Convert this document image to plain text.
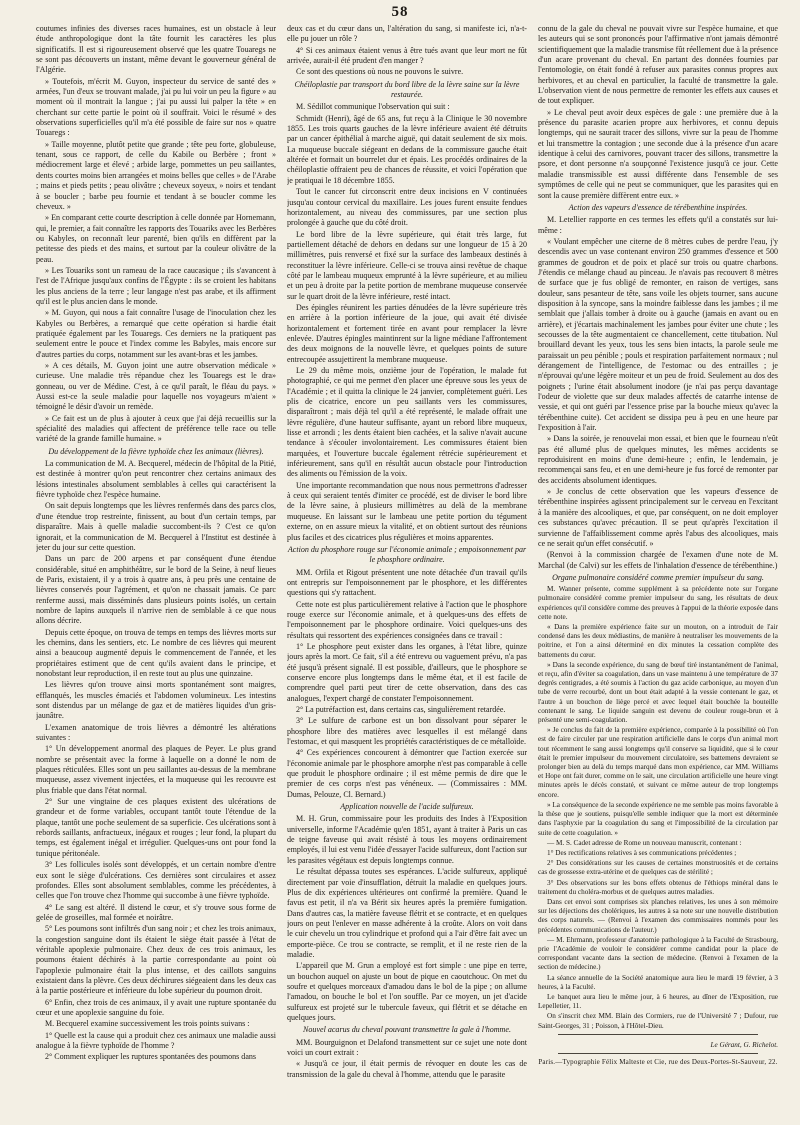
58

coutumes infinies des diverses races humaines, est un obstacle à leur étude anthropologique dont la tâte fournit les caractères les plus significatifs. Il est si rigoureusement observé que les quatre Touaregs ne se sont pas découverts un instant, même devant le gouverneur général de l'Algérie.

» Toutefois, m'écrit M. Guyon, inspecteur du service de santé des » armées, l'un d'eux se trouvant malade, j'ai pu lui voir un peu la figure » au moment où il montrait la langue ; j'ai pu aussi lui palper la tête » en cherchant sur cette partie le point où il souffrait. Voici le résumé » des observations superficielles qu'il m'a été possible de faire sur nos » quatre Touaregs :

» Taille moyenne, plutôt petite que grande ; tête peu forte, globuleuse, tenant, sous ce rapport, de celle du Kabile ou Berbère ; front » médiocrement large et élevé ; arbide large, pommettes un peu saillantes, dents courtes moins bien arrangées et moins belles que celles » de l'Arabe ; mains et pieds petits ; peau olivâtre ; cheveux soyeux, » noirs et tendant à se boucler ; barbe peu fournie et tendant à se boucler comme les cheveux. »

» En comparant cette courte description à celle donnée par Hornemann, qui, le premier, a fait connaître les rapports des Touariks avec les Berbères ou Kabyles, on reconnaît leur parenté, bien qu'ils en diffèrent par la petitesse des pieds et des mains, et surtout par la couleur olivâtre de la peau.

» Les Touariks sont un rameau de la race caucasique ; ils s'avancent à l'est de l'Afrique jusqu'aux confins de l'Égypte : ils se croient les habitans les plus anciens de la terre ; leur langage n'est pas arabe, et ils affirment qu'il est le plus ancien dans le monde.

» M. Guyon, qui nous a fait connaître l'usage de l'inoculation chez les Kabyles ou Berbères, a remarqué que cette opération si hardie était pratiquée également par les Touaregs. Ces derniers ne la pratiquent pas seulement entre le pouce et l'index comme les Babyles, mais encore sur d'autres parties du corps, notamment sur les avant-bras et les jambes.

» A ces détails, M. Guyon joint une autre observation médicale » curieuse. Une maladie très répandue chez les Touaregs est le dra» gonneau, ou ver de Médine. C'est, à ce qu'il paraît, le fléau du pays. » Aussi est-ce la seule maladie pour laquelle nos voyageurs m'aient » témoigné le désir d'avoir un remède.

» Ce fait est un de plus à ajouter à ceux que j'ai déjà recueillis sur la spécialité des maladies qui affectent de préférence telle race ou telle variété de la grande famille humaine. »

Du développement de la fièvre typhoïde chez les animaux (lièvres).

La communication de M. A. Becquerel, médecin de l'hôpital de la Pitié, est destinée à montrer qu'on peut rencontrer chez certains animaux des lésions intestinales absolument semblables à celles qui caractérisent la fièvre typhoïde chez l'espèce humaine.

On sait depuis longtemps que les lièvres renfermés dans des parcs clos, d'une étendue trop restreinte, finissent, au bout d'un certain temps, par disparaître. Mais à quelle maladie succombent-ils ? C'est ce qu'on ignorait, et la communication de M. Becquerel à l'Institut est destinée à jeter du jour sur cette question.

Dans un parc de 200 arpens et par conséquent d'une étendue considérable, situé en amphithéâtre, sur le bord de la Seine, à neuf lieues de Paris, existaient, il y a trois à quatre ans, à peu près une centaine de lièvres conservés pour l'agrément, et qu'on ne chassait jamais. Ce parc renferme aussi, mais disséminés dans plusieurs points isolés, un certain nombre de lapins auxquels il n'arrive rien de semblable à ce que nous allons décrire.

Depuis cette époque, on trouva de temps en temps des lièvres morts sur les chemins, dans les sentiers, etc. Le nombre de ces lièvres qui meurent ainsi a beaucoup augmenté depuis le commencement de l'année, et les propriétaires estiment que de cent qu'ils avaient dans le principe, et nonobstant leur reproduction, il en reste tout au plus une quinzaine.

Les lièvres qu'on trouve ainsi morts spontanément sont maigres, efflanqués, les muscles émaciés et l'abdomen volumineux. Les intestins sont distendus par un mélange de gaz et de matières liquides d'un gris-jaunâtre.

L'examen anatomique de trois lièvres a démontré les altérations suivantes :

1° Un développement anormal des plaques de Peyer. Le plus grand nombre se présentait avec la forme à laquelle on a donné le nom de plaques réticulées. Elles sont un peu saillantes au-dessus de la membrane muqueuse, assez vivement injectées, et la muqueuse qui les recouvre est plus friable que dans l'état normal.

2° Sur une vingtaine de ces plaques existent des ulcérations de grandeur et de forme variables, occupant tantôt toute l'étendue de la plaque, tantôt une poche seulement de sa superficie. Ces ulcérations sont à rebords saillants, anfractueux, inégaux et rouges ; leur fond, la plupart du temps, est également inégal et irrégulier. Quelques-uns ont pour fond la tunique péritonéale.

3° Les follicules isolés sont développés, et un certain nombre d'entre eux sont le siège d'ulcérations. Ces dernières sont circulaires et assez profondes. Elles sont absolument semblables, comme les précédentes, à celles que l'on trouve chez l'homme qui succombe à une fièvre typhoïde.

4° Le sang est altéré. Il distend le cœur, et s'y trouve sous forme de gelée de groseilles, mal formée et noirâtre.

5° Les poumons sont infiltrés d'un sang noir ; et chez les trois animaux, la congestion sanguine dont ils étaient le siège était passée à l'état de véritable apoplexie pulmonaire. Chez deux de ces trois animaux, les poumons étaient déchirés à la partie correspondante au point où l'apoplexie pulmonaire était la plus intense, et des caillots sanguins existaient dans la plèvre. Ces deux déchirures siégeaient dans les deux cas à la partie postérieure et inférieure du lobe supérieur du poumon droit.

6° Enfin, chez trois de ces animaux, il y avait une rupture spontanée du cœur et une apoplexie sanguine du foie.

M. Becquerel examine successivement les trois points suivans :

1° Quelle est la cause qui a produit chez ces animaux une maladie aussi analogue à la fièvre typhoïde de l'homme ?

2° Comment expliquer les ruptures spontanées des poumons dans

deux cas et du cœur dans un, l'altération du sang, si manifeste ici, n'a-t-elle pu jouer un rôle ?

4° Si ces animaux étaient venus à être tués avant que leur mort ne fût arrivée, aurait-il été prudent d'en manger ?

Ce sont des questions où nous ne pouvons le suivre.

Chéiloplastie par transport du bord libre de la lèvre saine sur la lèvre restaurée.

M. Sédillot communique l'observation qui suit :

Schmidt (Henri), âgé de 65 ans, fut reçu à la Clinique le 30 novembre 1855. Les trois quarts gauches de la lèvre inférieure avaient été détruits par un cancer épithélial à marche aiguë, qui datait seulement de six mois. La muqueuse buccale siégeant en dedans de la commissure gauche était altérée et formait un bourrelet dur et épais. Les procédés ordinaires de la chéiloplastie offraient peu de chances de réussite, et voici l'opération que je pratiquai le 18 décembre 1855.

Tout le cancer fut circonscrit entre deux incisions en V continuées jusqu'au contour cervical du maxillaire. Les joues furent ensuite fendues horizontalement, au niveau des commissures, par une section plus prolongée à gauche que du côté droit.

Le bord libre de la lèvre supérieure, qui était très large, fut partiellement détaché de dehors en dedans sur une longueur de 15 à 20 millimètres, puis renversé et fixé sur la surface des lambeaux destinés à reconstituer la lèvre inférieure. Celle-ci se trouva ainsi revêtue de chaque côté par le lambeau muqueux emprunté à la lèvre supérieure, et au milieu et un peu à droite par la petite portion de membrane muqueuse conservée sur le quart droit de la lèvre inférieure, resté intact.

Des épingles réunirent les parties dénudées de la lèvre supérieure très en arrière à la portion inférieure de la joue, qui avait été divisée horizontalement et fortement tirée en avant pour remplacer la lèvre enlevée. D'autres épingles maintinrent sur la ligne médiane l'affrontement des deux moignons de la nouvelle lèvre, et quelques points de suture entrecoupée assujettirent la membrane muqueuse.

Le 29 du même mois, onzième jour de l'opération, le malade fut photographié, ce qui me permet d'en placer une épreuve sous les yeux de l'Académie ; et il quitta la clinique le 24 janvier, complètement guéri. Les plis de cicatrice, encore un peu saillants vers les commissures, disparaîtront ; mais déjà tel qu'il a été représenté, le malade offrait une lèvre régulière, d'une hauteur suffisante, ayant un rebord libre muqueux, lisse et arrondi ; les dents étaient bien cachées, et la salive n'avait aucune tendance à s'écouler involontairement. Les commissures étaient bien marquées, et l'ouverture buccale également rétrécie supérieurement et inférieurement, sans qu'il en résultât aucun obstacle pour l'introduction des aliments ou l'émission de la voix.

Une importante recommandation que nous nous permettrons d'adresser à ceux qui seraient tentés d'imiter ce procédé, est de diviser le bord libre de la lèvre saine, à plusieurs millimètres au delà de la membrane muqueuse. En laissant sur le lambeau une petite portion du tégument externe, on en assure mieux la vitalité, et on obtient surtout des réunions plus faciles et des cicatrices plus régulières et moins apparentes.

Action du phosphore rouge sur l'économie animale ; empoisonnement par le phosphore ordinaire.

MM. Orfila et Rigout présentent une note détachée d'un travail qu'ils ont entrepris sur l'empoisonnement par le phosphore, et les différentes questions qui s'y rattachent.

Cette note est plus particulièrement relative à l'action que le phosphore rouge exerce sur l'économie animale, et à quelques-uns des effets de l'empoisonnement par le phosphore ordinaire. Voici quelques-uns des résultats qui ressortent des expériences consignées dans ce travail :

1° Le phosphore peut exister dans les organes, à l'état libre, quinze jours après la mort. Ce fait, s'il a été entrevu ou vaguement prévu, n'a pas été jusqu'à présent signalé. Il est possible, d'ailleurs, que le phosphore se conserve encore plus longtemps dans le même état, et il est facile de comprendre quel parti peut tirer de cette observation, dans des cas analogues, l'expert chargé de constater l'empoisonnement.

2° La putréfaction est, dans certains cas, singulièrement retardée.

3° Le sulfure de carbone est un bon dissolvant pour séparer le phosphore libre des matières avec lesquelles il est mélangé dans l'estomac, et qui masquent les propriétés caractéristiques de ce métalloïde.

4° Ces expériences concourent à démontrer que l'action exercée sur l'économie animale par le phosphore amorphe n'est pas comparable à celle que produit le phosphore ordinaire ; il est même permis de dire que le premier de ces corps n'est pas vénéneux. — (Commissaires : MM. Dumas, Pelouze, Cl. Bernard.)

Application nouvelle de l'acide sulfureux.

M. H. Grun, commissaire pour les produits des Indes à l'Exposition universelle, informe l'Académie qu'en 1851, ayant à traiter à Paris un cas de teigne faveuse qui avait résisté à tous les moyens ordinairement employés, il lui est venu l'idée d'essayer l'acide sulfureux, dont l'action sur les parasites végétaux est depuis longtemps connue.

Le résultat dépassa toutes ses espérances. L'acide sulfureux, appliqué directement par voie d'insufflation, détruit la maladie en quelques jours. Plus de dix expériences ultérieures ont confirmé la première. Quand le favus est petit, il n'a va Bérit six heures après la première fumigation. Dans d'autres cas, la matière faveuse flétrit et se contracte, et en quelques jours on peut l'enlever en masse adhérente à la croûte. Alors on voit dans le cuir chevelu un trou cylindrique et profond qui a l'air d'être fait avec un emporte-pièce. Ce trou se contracte, se remplit, et il ne reste rien de la maladie.

L'appareil que M. Grun a employé est fort simple : une pipe en terre, un bouchon auquel on ajuste un bout de pique en caoutchouc. On met du soufre et quelques morceaux d'amadou dans le bol de la pipe ; on allume l'amadou, on bouche le bol et l'on souffle. Par ce moyen, un jet d'acide sulfureux est projeté sur le tubercule faveux, qui flétrit et se détache en quelques jours.

Nouvel acarus du cheval pouvant transmettre la gale à l'homme.

MM. Bourguignon et Delafond transmettent sur ce sujet une note dont voici un court extrait :

« Jusqu'à ce jour, il était permis de révoquer en doute les cas de transmission de la gale du cheval à l'homme, attendu que le parasite

connu de la gale du cheval ne pouvait vivre sur l'espèce humaine, et que les auteurs qui se sont prononcés pour l'affirmative n'ont jamais démontré scientifiquement que la maladie transmise fût réellement due à la présence d'un acare provenant du cheval. En partant des données fournies par l'entomologie, on était fondé à refuser aux parasites connus propres aux herbivores, et au cheval en particulier, la faculté de transmettre la gale. L'observation vient de nous permettre de remonter les effets aux causes et de tout expliquer.

» Le cheval peut avoir deux espèces de gale : une première due à la présence du parasite acarien propre aux herbivores, et connu depuis longtemps, qui ne saurait tracer des sillons, vivre sur la peau de l'homme et lui transmettre la contagion ; une seconde due à la présence d'un acare identique à celui des carnivores, pouvant tracer des sillons, transmettre la psore, et dont personne n'a soupçonné l'existence jusqu'à ce jour. Cette maladie transmissible est aussi différente dans l'ensemble de ses symptômes de celle qui ne peut se communiquer, que les parasites qui en sont la cause première diffèrent entre eux. »

Action des vapeurs d'essence de térébenthine inspirées.

M. Letellier rapporte en ces termes les effets qu'il a constatés sur lui-même :

« Voulant empêcher une citerne de 8 mètres cubes de perdre l'eau, j'y descendis avec un vase contenant environ 250 grammes d'essence et 500 grammes de goudron et de poix et placé sur trois ou quatre charbons. J'étendis ce mélange chaud au pinceau. Je n'avais pas recouvert 8 mètres de surface que je fus obligé de remonter, en raison de vertiges, sans douleur, sans pesanteur de tête, sans voile les objets tourner, sans aucune disposition à la syncope, sans la moindre faiblesse dans les jambes ; il me semblait que j'allais tomber à droite ou à gauche (jamais en avant ou en arrière), et j'écartais machinalement les jambes pour éviter une chute ; les secousses de la tête augmentaient ce chancellement, cette titubation. Nul brouillard devant les yeux, tous les sens bien intacts, la parole seule me paraissait un peu pénible ; pouls et respiration parfaitement normaux ; nul dérangement de l'intelligence, de l'estomac ou des entrailles ; je n'éprouvai qu'une légère moiteur et un peu de froid. Seulement au dos des poignets ; l'urine était absolument inodore (je n'ai pas perçu davantage l'odeur de violette que sur deux malades affectés de catarrhe intense de vessie, et qui ont guéri par l'essence prise par la bouche mieux qu'avec la térébenthine cuite). Cet accident se dissipa peu à peu en une heure par l'exposition à l'air.

» Dans la soirée, je renouvelai mon essai, et bien que le fourneau n'eût pas été allumé plus de quelques minutes, les mêmes accidents se reproduisirent en moins d'une demi-heure ; enfin, le lendemain, je recommençai sans feu, et en une demi-heure je fus forcé de remonter par des accidents absolument identiques.

» Je conclus de cette observation que les vapeurs d'essence de térébenthine inspirées agissent principalement sur le cerveau en l'excitant à la manière des alcooliques, et que, par conséquent, on ne doit employer ces substances qu'avec précaution. Il se peut qu'après l'excitation il survienne de l'affaiblissement comme après l'abus des alcooliques, mais ce ne serait qu'un effet consécutif. »

(Renvoi à la commission chargée de l'examen d'une note de M. Marchal (de Calvi) sur les effets de l'inhalation d'essence de térébenthine.)

Organe pulmonaire considéré comme premier impulseur du sang.

M. Wanner présente, comme supplément à sa précédente note sur l'organe pulmonaire considéré comme premier impulseur du sang, les résultats de deux expériences qu'il considère comme des preuves à l'appui de la théorie exposée dans cette note.

« Dans la première expérience faite sur un mouton, on a introduit de l'air condensé dans les deux médiastins, de manière à neutraliser les mouvements de la poitrine, et l'on a ainsi déterminé en dix minutes la cessation complète des battements du cœur.

» Dans la seconde expérience, du sang de bœuf tiré instantanément de l'animal, et reçu, afin d'éviter sa coagulation, dans un vase maintenu à une température de 37 degrés centigrades, a été soumis à l'action du gaz acide carbonique, au moyen d'un tube de verre recourbé, dont un bout était adapté à la vessie contenant le gaz, et l'autre à un bouchon de liège percé et avec lequel était bouchée la bouteille contenant le sang. Le liquide sanguin est devenu de couleur rouge-brun et à présenté une semi-coagulation.

» Je conclus du fait de la première expérience, comparée à la possibilité où l'on est de faire circuler par une respiration artificielle dans le corps d'un animal mort tout récemment le sang aussi longtemps qu'il conserve sa liquidité, que si le cœur était le premier impulseur du mouvement circulatoire, ses battemens devraient se prolonger bien au delà du temps marqué dans mon expérience, car MM. Williams et Hope ont fait durer, comme on le sait, une circulation artificielle une heure vingt minutes après le décès constaté, et suivant ce même auteur de trop longtemps encore.

» La conséquence de la seconde expérience ne me semble pas moins favorable à la thèse que je soutiens, puisqu'elle semble indiquer que la mort est déterminée dans l'asphyxie par la coagulation du sang et l'impossibilité de la circulation par suite de cette coagulation. »

— M. S. Cadet adresse de Rome un nouveau manuscrit, contenant :

1° Des rectifications relatives à ses communications précédentes ;

2° Des considérations sur les causes de certaines monstruosités et de certains cas de grossesse extra-utérine et de quelques cas de stérilité ;

3° Des observations sur les bons effets obtenus de l'éthiops minéral dans le traitement du choléra-morbus et de quelques autres maladies.

Dans cet envoi sont comprises six planches relatives, les unes à son mémoire sur les déjections des cholériques, les autres à sa note sur une nouvelle distribution des corps naturels. — (Renvoi à l'examen des commissaires nommés pour les précédentes communications de l'auteur.)

— M. Ehrmann, professeur d'anatomie pathologique à la Faculté de Strasbourg, prie l'Académie de vouloir le considérer comme candidat pour la place de correspondant vacante dans la section de médecine. (Renvoi à l'examen de la section de médecine.)

La séance annuelle de la Société anatomique aura lieu le mardi 19 février, à 3 heures, à la Faculté.

Le banquet aura lieu le même jour, à 6 heures, au dîner de l'Exposition, rue Lepelletier, 11.

On s'inscrit chez MM. Blain des Cormiers, rue de l'Université 7 ; Dufour, rue Saint-Georges, 31 ; Poisson, à l'Hôtel-Dieu.

Le Gérant, G. Richelot.

Paris.—Typographie Félix Malteste et Cie, rue des Deux-Portes-St-Sauveur, 22.
